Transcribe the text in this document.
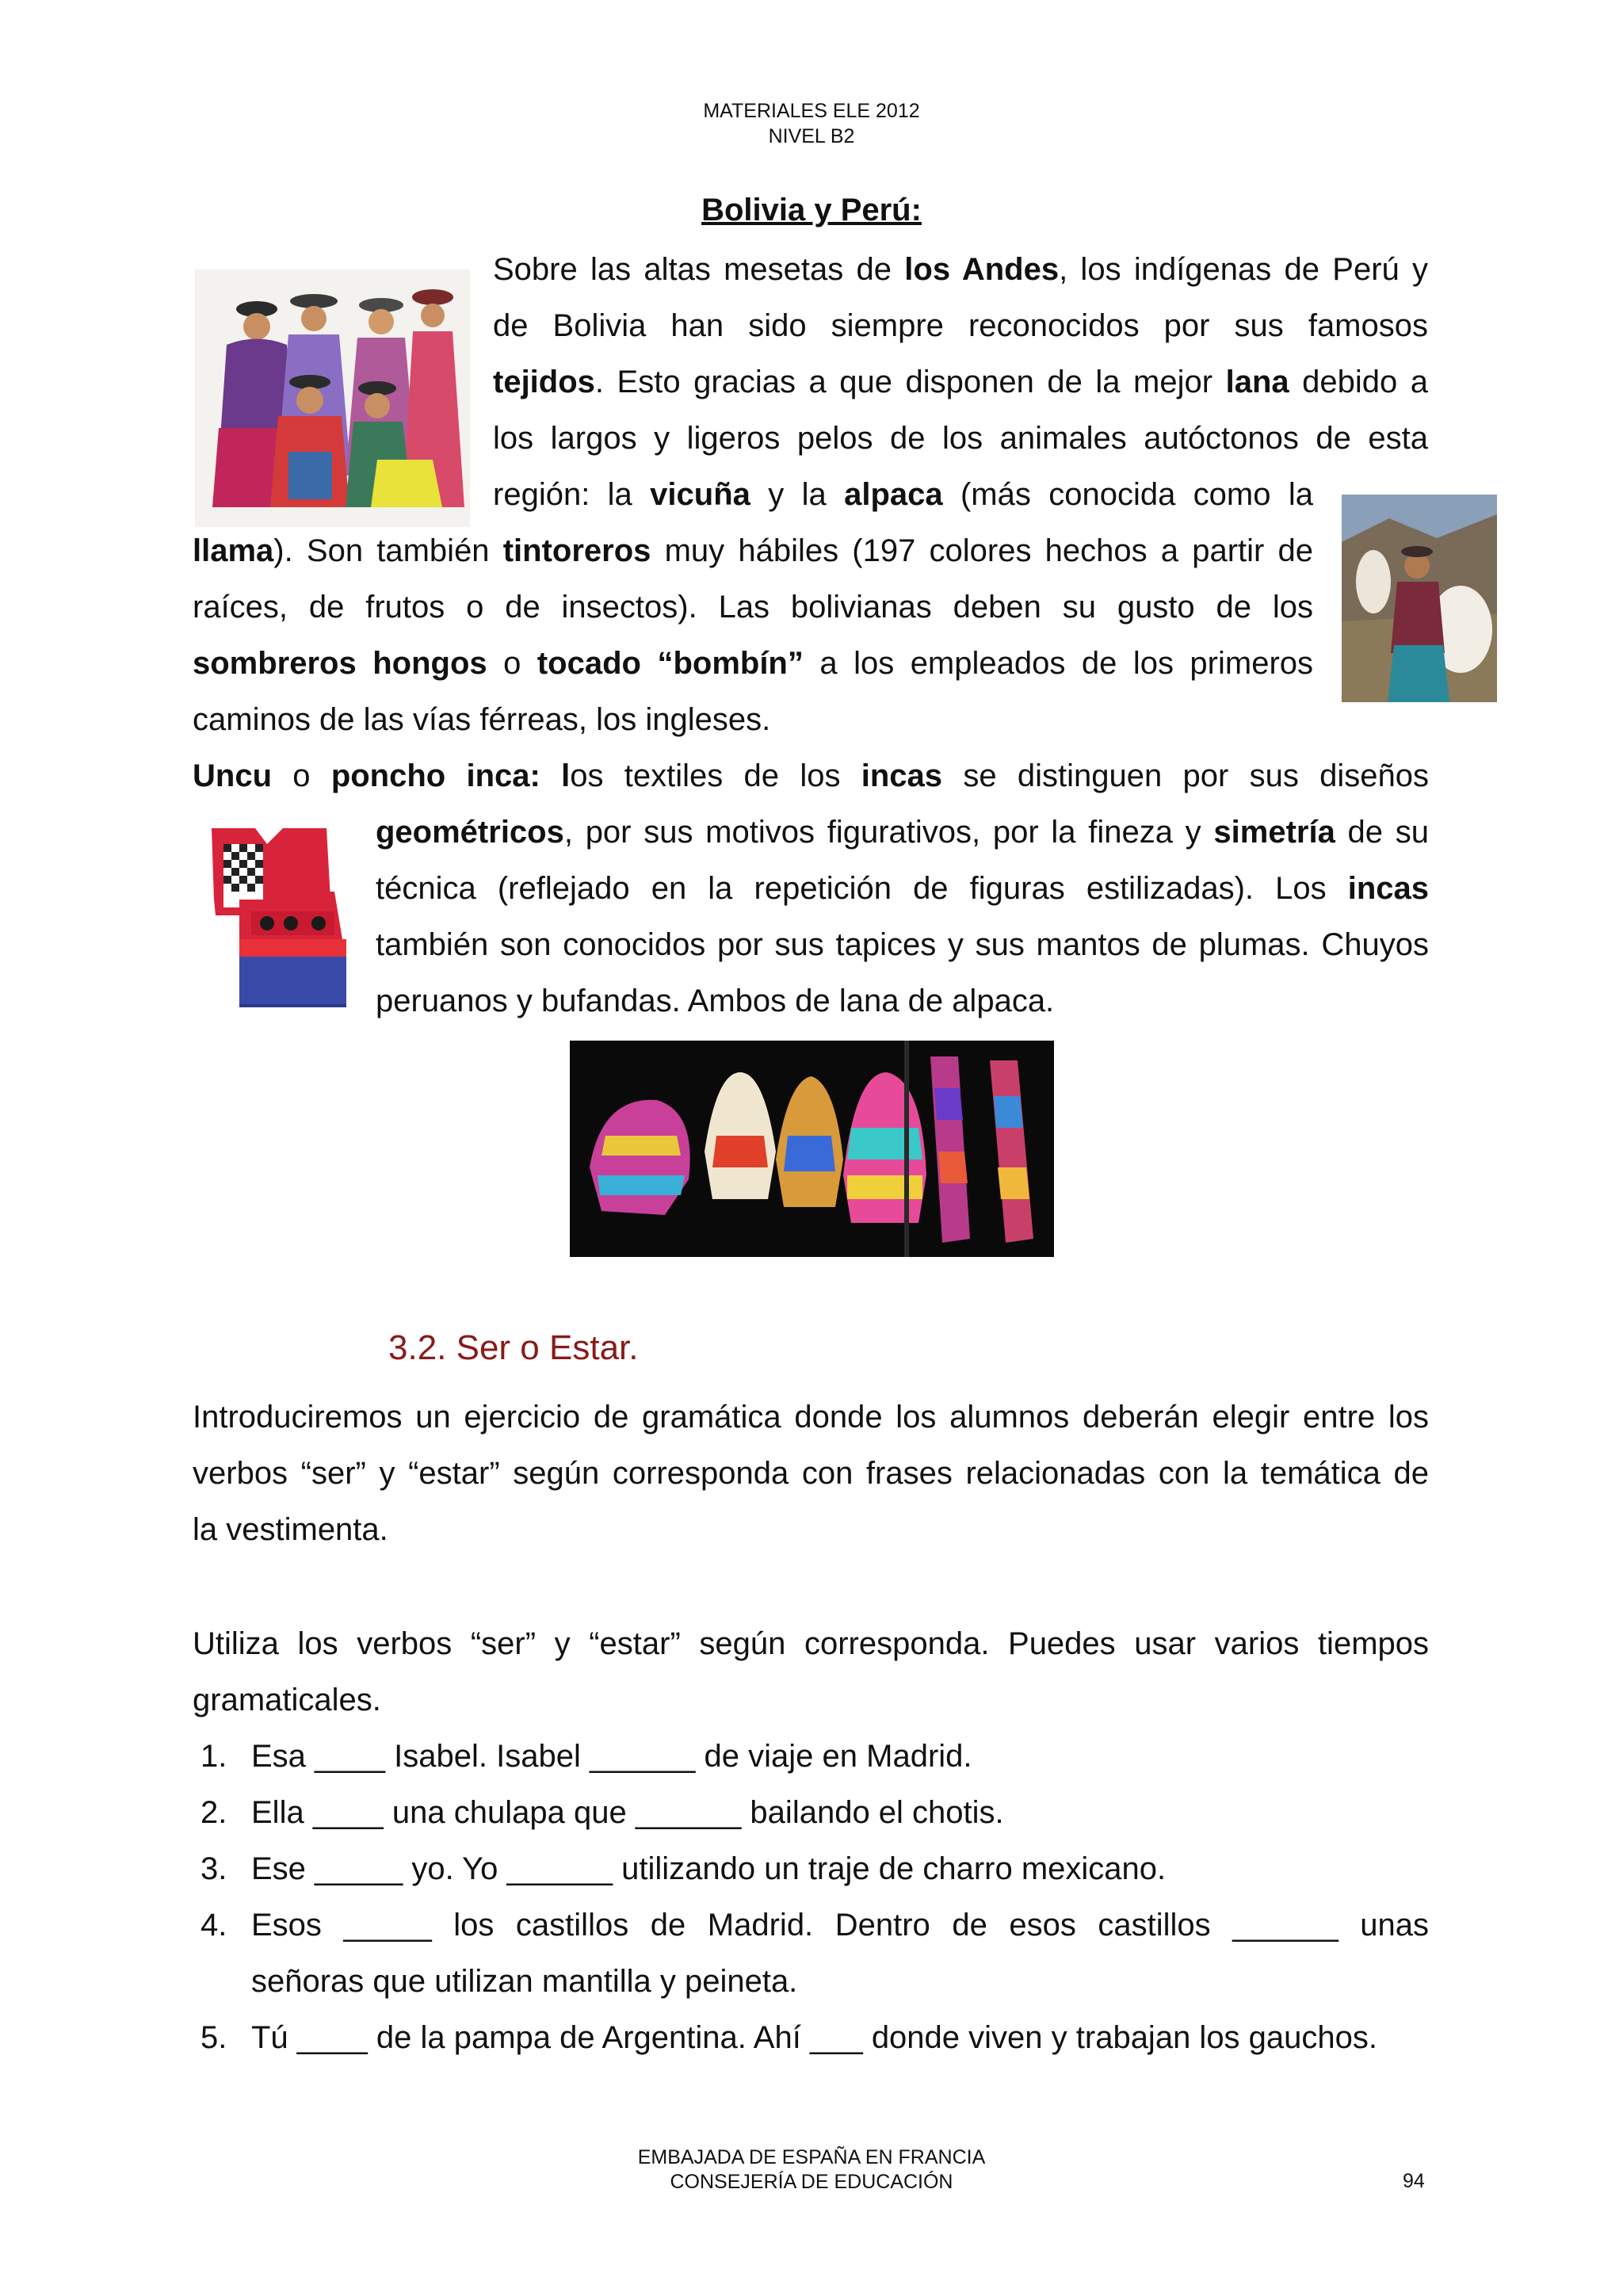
MATERIALES ELE 2012
NIVEL B2
Bolivia y Perú:
Sobre las altas mesetas de los Andes, los indígenas de Perú y
de Bolivia han sido siempre reconocidos por sus famosos
tejidos. Esto gracias a que disponen de la mejor lana debido a
los largos y ligeros pelos de los animales autóctonos de esta
región: la vicuña y la alpaca (más conocida como la
llama). Son también tintoreros muy hábiles (197 colores hechos a partir de
raíces, de frutos o de insectos). Las bolivianas deben su gusto de los
sombreros hongos o tocado “bombín” a los empleados de los primeros
caminos de las vías férreas, los ingleses.
Uncu o poncho inca: los textiles de los incas se distinguen por sus diseños
geométricos, por sus motivos figurativos, por la fineza y simetría de su
técnica (reflejado en la repetición de figuras estilizadas). Los incas
también son conocidos por sus tapices y sus mantos de plumas. Chuyos
peruanos y bufandas. Ambos de lana de alpaca.
3.2. Ser o Estar.
Introduciremos un ejercicio de gramática donde los alumnos deberán elegir entre los
verbos “ser” y “estar” según corresponda con frases relacionadas con la temática de
la vestimenta.
Utiliza los verbos “ser” y “estar” según corresponda. Puedes usar varios tiempos
gramaticales.
1. Esa ____ Isabel. Isabel ______ de viaje en Madrid.
2. Ella ____ una chulapa que ______ bailando el chotis.
3. Ese _____ yo. Yo ______ utilizando un traje de charro mexicano.
4. Esos _____ los castillos de Madrid. Dentro de esos castillos ______ unas
señoras que utilizan mantilla y peineta.
5. Tú ____ de la pampa de Argentina. Ahí ___ donde viven y trabajan los gauchos.
EMBAJADA DE ESPAÑA EN FRANCIA
CONSEJERÍA DE EDUCACIÓN	94
